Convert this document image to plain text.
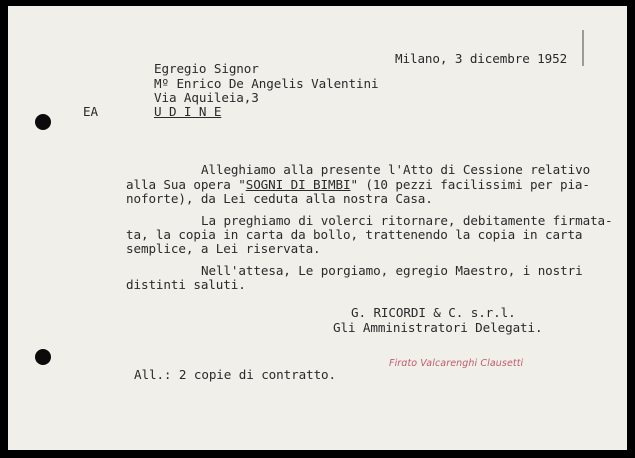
Milano, 3 dicembre 1952
Egregio Signor
Mº Enrico De Angelis Valentini
Via Aquileia,3
U D I N E
EA
Alleghiamo alla presente l'Atto di Cessione relativo
alla Sua opera "SOGNI DI BIMBI" (10 pezzi facilissimi per pia-
noforte), da Lei ceduta alla nostra Casa.
La preghiamo di volerci ritornare, debitamente firmata-
ta, la copia in carta da bollo, trattenendo la copia in carta
semplice, a Lei riservata.
Nell'attesa, Le porgiamo, egregio Maestro, i nostri
distinti saluti.
G. RICORDI & C. s.r.l.
Gli Amministratori Delegati.
Firɑto Valcarenghi Clausetti
All.: 2 copie di contratto.
